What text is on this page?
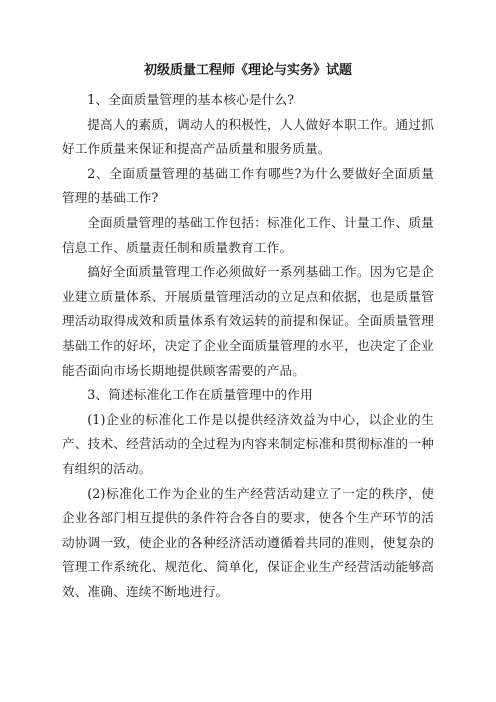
初级质量工程师《理论与实务》试题

1、全面质量管理的基本核心是什么?

提高人的素质，调动人的积极性，人人做好本职工作。通过抓好工作质量来保证和提高产品质量和服务质量。

2、全面质量管理的基础工作有哪些?为什么要做好全面质量管理的基础工作?

全面质量管理的基础工作包括：标准化工作、计量工作、质量信息工作、质量责任制和质量教育工作。

搞好全面质量管理工作必须做好一系列基础工作。因为它是企业建立质量体系、开展质量管理活动的立足点和依据，也是质量管理活动取得成效和质量体系有效运转的前提和保证。全面质量管理基础工作的好坏，决定了企业全面质量管理的水平，也决定了企业能否面向市场长期地提供顾客需要的产品。

3、简述标准化工作在质量管理中的作用

(1)企业的标准化工作是以提供经济效益为中心，以企业的生产、技术、经营活动的全过程为内容来制定标准和贯彻标准的一种有组织的活动。

(2)标准化工作为企业的生产经营活动建立了一定的秩序，使企业各部门相互提供的条件符合各自的要求，使各个生产环节的活动协调一致，使企业的各种经济活动遵循着共同的准则，使复杂的管理工作系统化、规范化、简单化，保证企业生产经营活动能够高效、准确、连续不断地进行。
